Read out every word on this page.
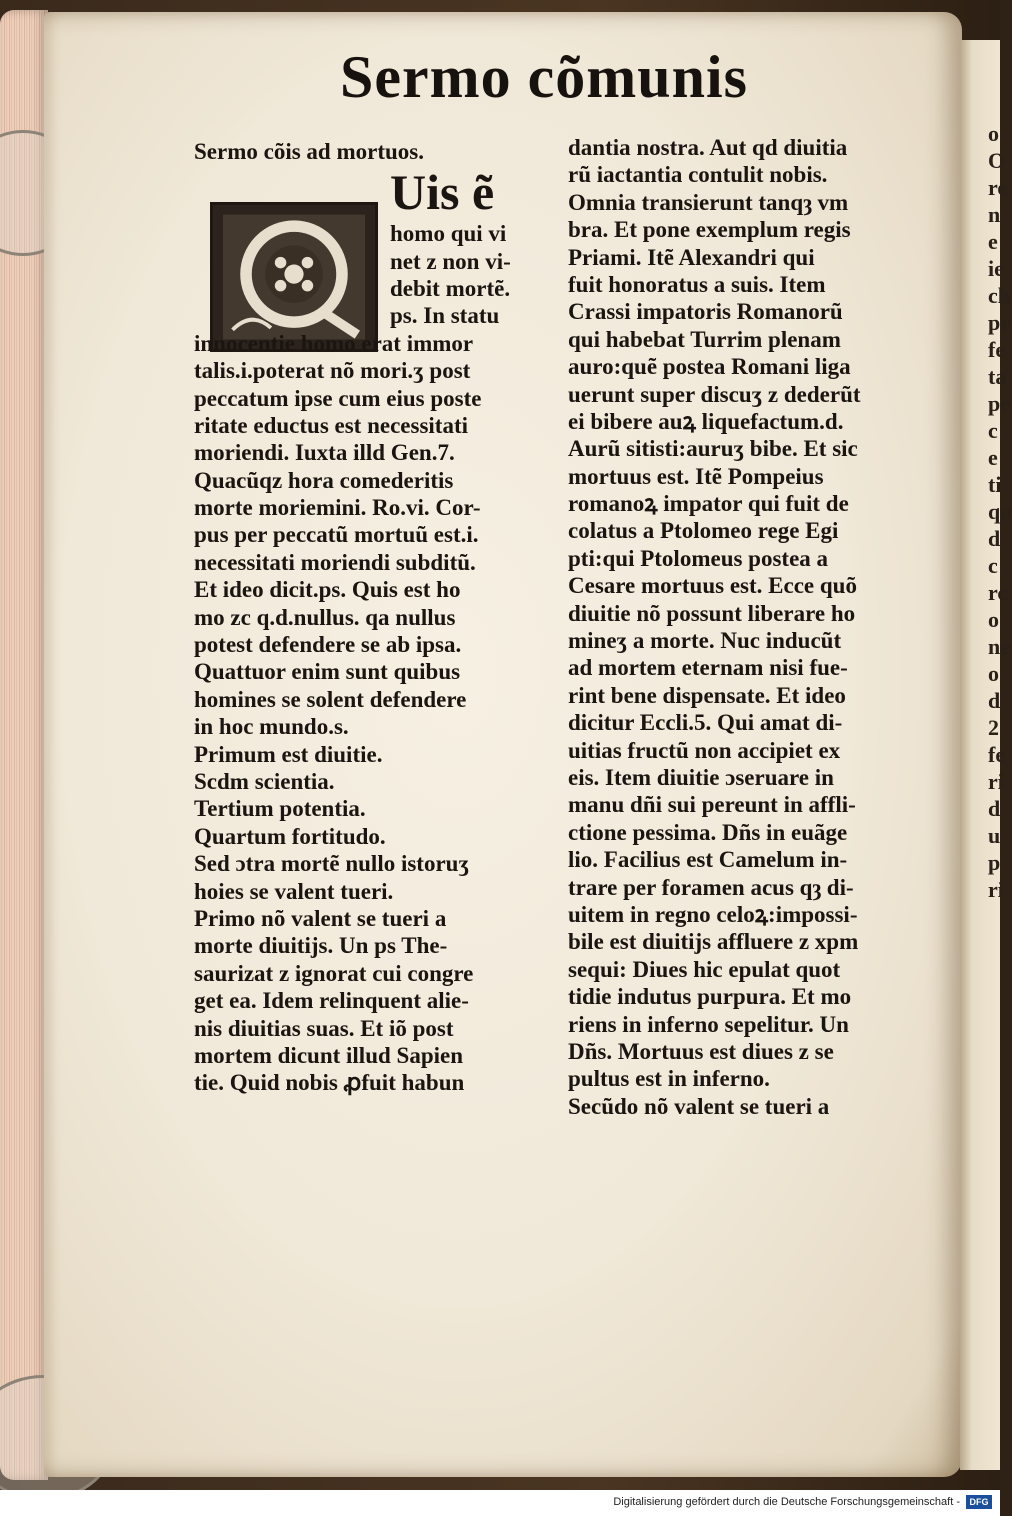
Sermo cõmunis
Sermo cõis ad mortuos.
Uis ẽ
homo qui vi
net z non vi-
debit mortẽ.
ps. In statu
innocentie homo erat immor
talis.i.poterat nõ mori.ʒ post
peccatum ipse cum eius poste
ritate eductus est necessitati
moriendi. Iuxta illd Gen.7.
Quacũqz hora comederitis
morte moriemini. Ro.vi. Cor-
pus per peccatũ mortuũ est.i.
necessitati moriendi subditũ.
Et ideo dicit.ps. Quis est ho
mo zc q.d.nullus. qa nullus
potest defendere se ab ipsa.
Quattuor enim sunt quibus
homines se solent defendere
in hoc mundo.s.
Primum est diuitie.
Scdm scientia.
Tertium potentia.
Quartum fortitudo.
Sed ɔtra mortẽ nullo istoruʒ
hoies se valent tueri.
Primo nõ valent se tueri a
morte diuitijs. Un ps The-
saurizat z ignorat cui congre
get ea. Idem relinquent alie-
nis diuitias suas. Et iõ post
mortem dicunt illud Sapien
tie. Quid nobis ꝓfuit habun
dantia nostra. Aut qd diuitia
rũ iactantia contulit nobis.
Omnia transierunt tanqȝ vm
bra. Et pone exemplum regis
Priami. Itẽ Alexandri qui
fuit honoratus a suis. Item
Crassi impatoris Romanorũ
qui habebat Turrim plenam
auro:quẽ postea Romani liga
uerunt super discuʒ z dederũt
ei bibere auꝝ liquefactum.d.
Aurũ sitisti:auruʒ bibe. Et sic
mortuus est. Itẽ Pompeius
romanoꝝ impator qui fuit de
colatus a Ptolomeo rege Egi
pti:qui Ptolomeus postea a
Cesare mortuus est. Ecce quõ
diuitie nõ possunt liberare ho
mineʒ a morte. Nuc inducũt
ad mortem eternam nisi fue-
rint bene dispensate. Et ideo
dicitur Eccli.5. Qui amat di-
uitias fructũ non accipiet ex
eis. Item diuitie ɔseruare in
manu dñi sui pereunt in affli-
ctione pessima. Dñs in euãge
lio. Facilius est Camelum in-
trare per foramen acus qȝ di-
uitem in regno celoꝝ:impossi-
bile est diuitijs affluere z xpm
sequi: Diues hic epulat quot
tidie indutus purpura. Et mo
riens in inferno sepelitur. Un
Dñs. Mortuus est diues z se
pultus est in inferno.
Secũdo nõ valent se tueri a
o
O
re
n
e
ie
ch
pr
fe
ta
pe
c
e
ti
qu
d
c
rc
o
ne
o
d
2
fe
ri
d
u
p
ri
Digitalisierung gefördert durch die Deutsche Forschungsgemeinschaft -	DFG
